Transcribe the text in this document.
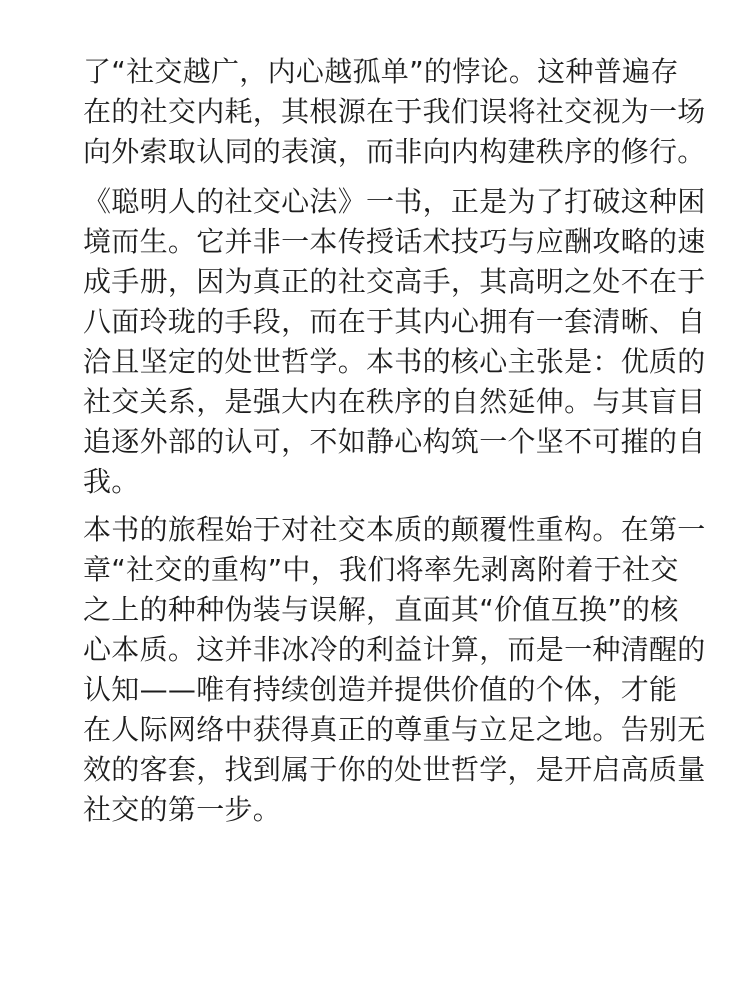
了“社交越广，内心越孤单”的悖论。这种普遍存
在的社交内耗，其根源在于我们误将社交视为一场
向外索取认同的表演，而非向内构建秩序的修行。
《聪明人的社交心法》一书，正是为了打破这种困
境而生。它并非一本传授话术技巧与应酬攻略的速
成手册，因为真正的社交高手，其高明之处不在于
八面玲珑的手段，而在于其内心拥有一套清晰、自
洽且坚定的处世哲学。本书的核心主张是：优质的
社交关系，是强大内在秩序的自然延伸。与其盲目
追逐外部的认可，不如静心构筑一个坚不可摧的自
我。
本书的旅程始于对社交本质的颠覆性重构。在第一
章“社交的重构”中，我们将率先剥离附着于社交
之上的种种伪装与误解，直面其“价值互换”的核
心本质。这并非冰冷的利益计算，而是一种清醒的
认知——唯有持续创造并提供价值的个体，才能
在人际网络中获得真正的尊重与立足之地。告别无
效的客套，找到属于你的处世哲学，是开启高质量
社交的第一步。
